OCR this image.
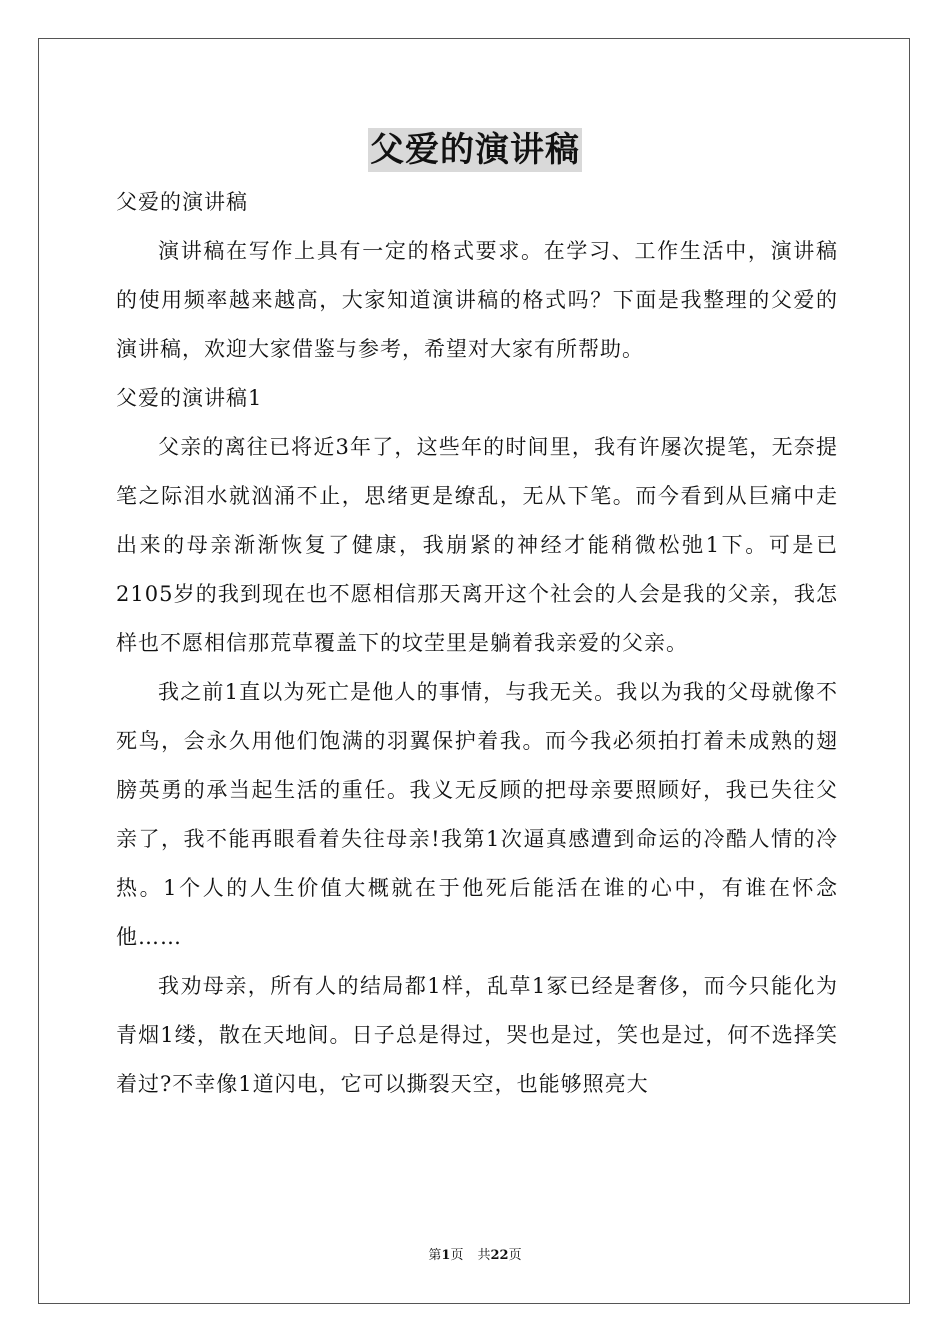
父爱的演讲稿

父爱的演讲稿

演讲稿在写作上具有一定的格式要求。在学习、工作生活中，演讲稿的使用频率越来越高，大家知道演讲稿的格式吗？下面是我整理的父爱的演讲稿，欢迎大家借鉴与参考，希望对大家有所帮助。

父爱的演讲稿1

父亲的离往已将近3年了，这些年的时间里，我有许屡次提笔，无奈提笔之际泪水就汹涌不止，思绪更是缭乱，无从下笔。而今看到从巨痛中走出来的母亲渐渐恢复了健康，我崩紧的神经才能稍微松弛1下。可是已2105岁的我到现在也不愿相信那天离开这个社会的人会是我的父亲，我怎样也不愿相信那荒草覆盖下的坟茔里是躺着我亲爱的父亲。

我之前1直以为死亡是他人的事情，与我无关。我以为我的父母就像不死鸟，会永久用他们饱满的羽翼保护着我。而今我必须拍打着未成熟的翅膀英勇的承当起生活的重任。我义无反顾的把母亲要照顾好，我已失往父亲了，我不能再眼看着失往母亲!我第1次逼真感遭到命运的冷酷人情的冷热。1个人的人生价值大概就在于他死后能活在谁的心中，有谁在怀念他……

我劝母亲，所有人的结局都1样，乱草1冢已经是奢侈，而今只能化为青烟1缕，散在天地间。日子总是得过，哭也是过，笑也是过，何不选择笑着过?不幸像1道闪电，它可以撕裂天空，也能够照亮大

第1页 共22页
